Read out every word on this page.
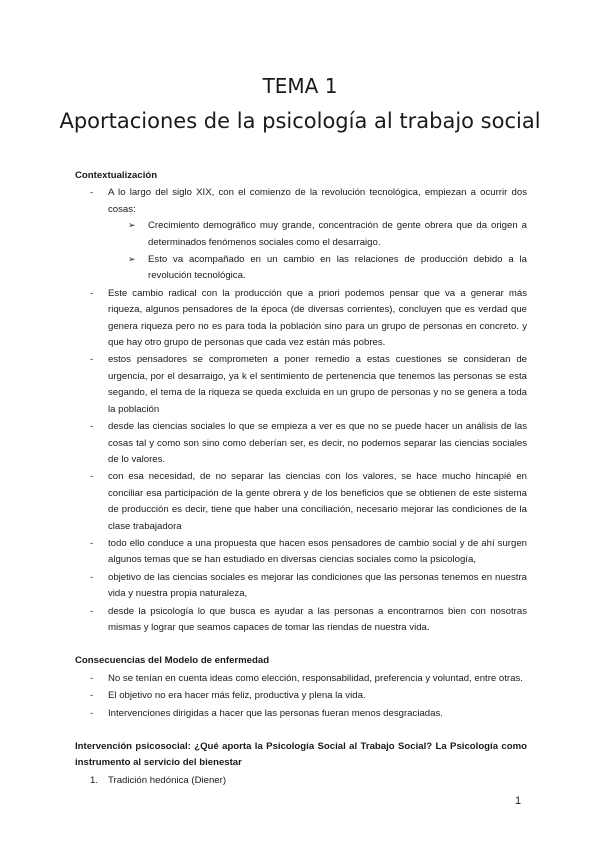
TEMA 1
Aportaciones de la psicología al trabajo social

Contextualización

- A lo largo del siglo XIX, con el comienzo de la revolución tecnológica, empiezan a ocurrir dos cosas:
➢ Crecimiento demográfico muy grande, concentración de gente obrera que da origen a determinados fenómenos sociales como el desarraigo.
➢ Esto va acompañado en un cambio en las relaciones de producción debido a la revolución tecnológica.
- Este cambio radical con la producción que a priori podemos pensar que va a generar más riqueza, algunos pensadores de la época (de diversas corrientes), concluyen que es verdad que genera riqueza pero no es para toda la población sino para un grupo de personas en concreto. y que hay otro grupo de personas que cada vez están más pobres.
- estos pensadores se comprometen a poner remedio a estas cuestiones se consideran de urgencia, por el desarraigo, ya k el sentimiento de pertenencia que tenemos las personas se esta segando, el tema de la riqueza se queda excluida en un grupo de personas y no se genera a toda la población
- desde las ciencias sociales lo que se empieza a ver es que no se puede hacer un análisis de las cosas tal y como son sino como deberían ser, es decir, no podemos separar las ciencias sociales de lo valores.
- con esa necesidad, de no separar las ciencias con los valores, se hace mucho hincapié en conciliar esa participación de la gente obrera y de los beneficios que se obtienen de este sistema de producción es decir, tiene que haber una conciliación, necesario mejorar las condiciones de la clase trabajadora
- todo ello conduce a una propuesta que hacen esos pensadores de cambio social y de ahí surgen algunos temas que se han estudiado en diversas ciencias sociales como la psicología,
- objetivo de las ciencias sociales es mejorar las condiciones que las personas tenemos en nuestra vida y nuestra propia naturaleza,
- desde la psicología lo que busca es ayudar a las personas a encontrarnos bien con nosotras mismas y lograr que seamos capaces de tomar las riendas de nuestra vida.

Consecuencias del Modelo de enfermedad

- No se tenían en cuenta ideas como elección, responsabilidad, preferencia y voluntad, entre otras.
- El objetivo no era hacer más feliz, productiva y plena la vida.
- Intervenciones dirigidas a hacer que las personas fueran menos desgraciadas.

Intervención psicosocial: ¿Qué aporta la Psicología Social al Trabajo Social? La Psicología como instrumento al servicio del bienestar

1. Tradición hedónica (Diener)
1
